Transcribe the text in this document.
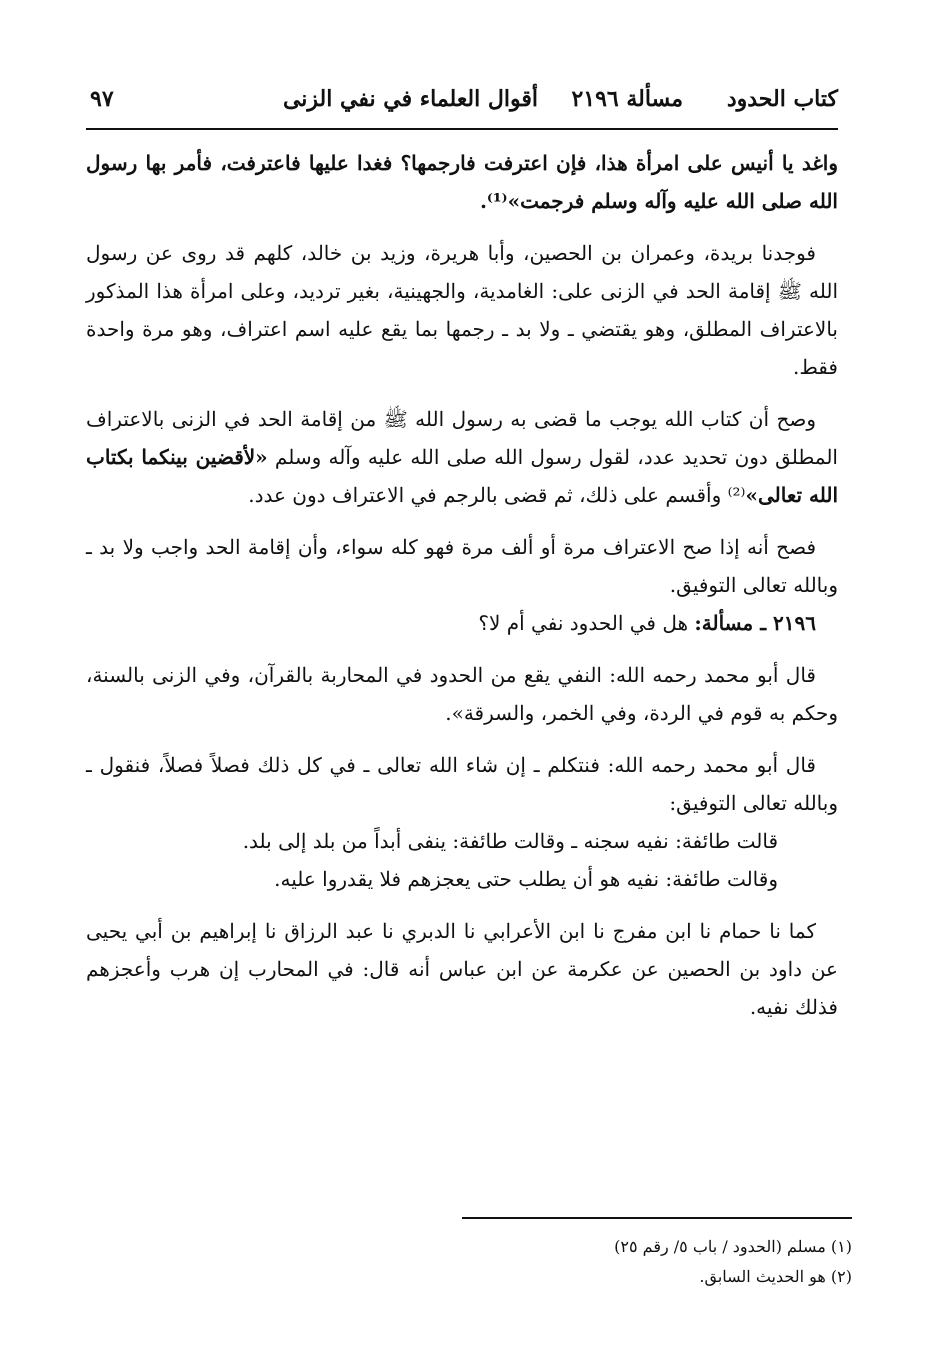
كتاب الحدود
مسألة ٢١٩٦
أقوال العلماء في نفي الزنى
٩٧

واغد يا أنيس على امرأة هذا، فإن اعترفت فارجمها؟ فغدا عليها فاعترفت، فأمر بها رسول الله صلى الله عليه وآله وسلم فرجمت»⁽¹⁾.

فوجدنا بريدة، وعمران بن الحصين، وأبا هريرة، وزيد بن خالد، كلهم قد روى عن رسول الله ﷺ إقامة الحد في الزنى على: الغامدية، والجهينية، بغير ترديد، وعلى امرأة هذا المذكور بالاعتراف المطلق، وهو يقتضي ـ ولا بد ـ رجمها بما يقع عليه اسم اعتراف، وهو مرة واحدة فقط.

وصح أن كتاب الله يوجب ما قضى به رسول الله ﷺ من إقامة الحد في الزنى بالاعتراف المطلق دون تحديد عدد، لقول رسول الله صلى الله عليه وآله وسلم «لأقضين بينكما بكتاب الله تعالى»⁽²⁾ وأقسم على ذلك، ثم قضى بالرجم في الاعتراف دون عدد.

فصح أنه إذا صح الاعتراف مرة أو ألف مرة فهو كله سواء، وأن إقامة الحد واجب ولا بد ـ وبالله تعالى التوفيق.

٢١٩٦ ـ مسألة: هل في الحدود نفي أم لا؟

قال أبو محمد رحمه الله: النفي يقع من الحدود في المحاربة بالقرآن، وفي الزنى بالسنة، وحكم به قوم في الردة، وفي الخمر، والسرقة».

قال أبو محمد رحمه الله: فنتكلم ـ إن شاء الله تعالى ـ في كل ذلك فصلاً فصلاً، فنقول ـ وبالله تعالى التوفيق:

قالت طائفة: نفيه سجنه ـ وقالت طائفة: ينفى أبداً من بلد إلى بلد.

وقالت طائفة: نفيه هو أن يطلب حتى يعجزهم فلا يقدروا عليه.

كما نا حمام نا ابن مفرج نا ابن الأعرابي نا الدبري نا عبد الرزاق نا إبراهيم بن أبي يحيى عن داود بن الحصين عن عكرمة عن ابن عباس أنه قال: في المحارب إن هرب وأعجزهم فذلك نفيه.

(١) مسلم (الحدود / باب ٥/ رقم ٢٥)

(٢) هو الحديث السابق.
